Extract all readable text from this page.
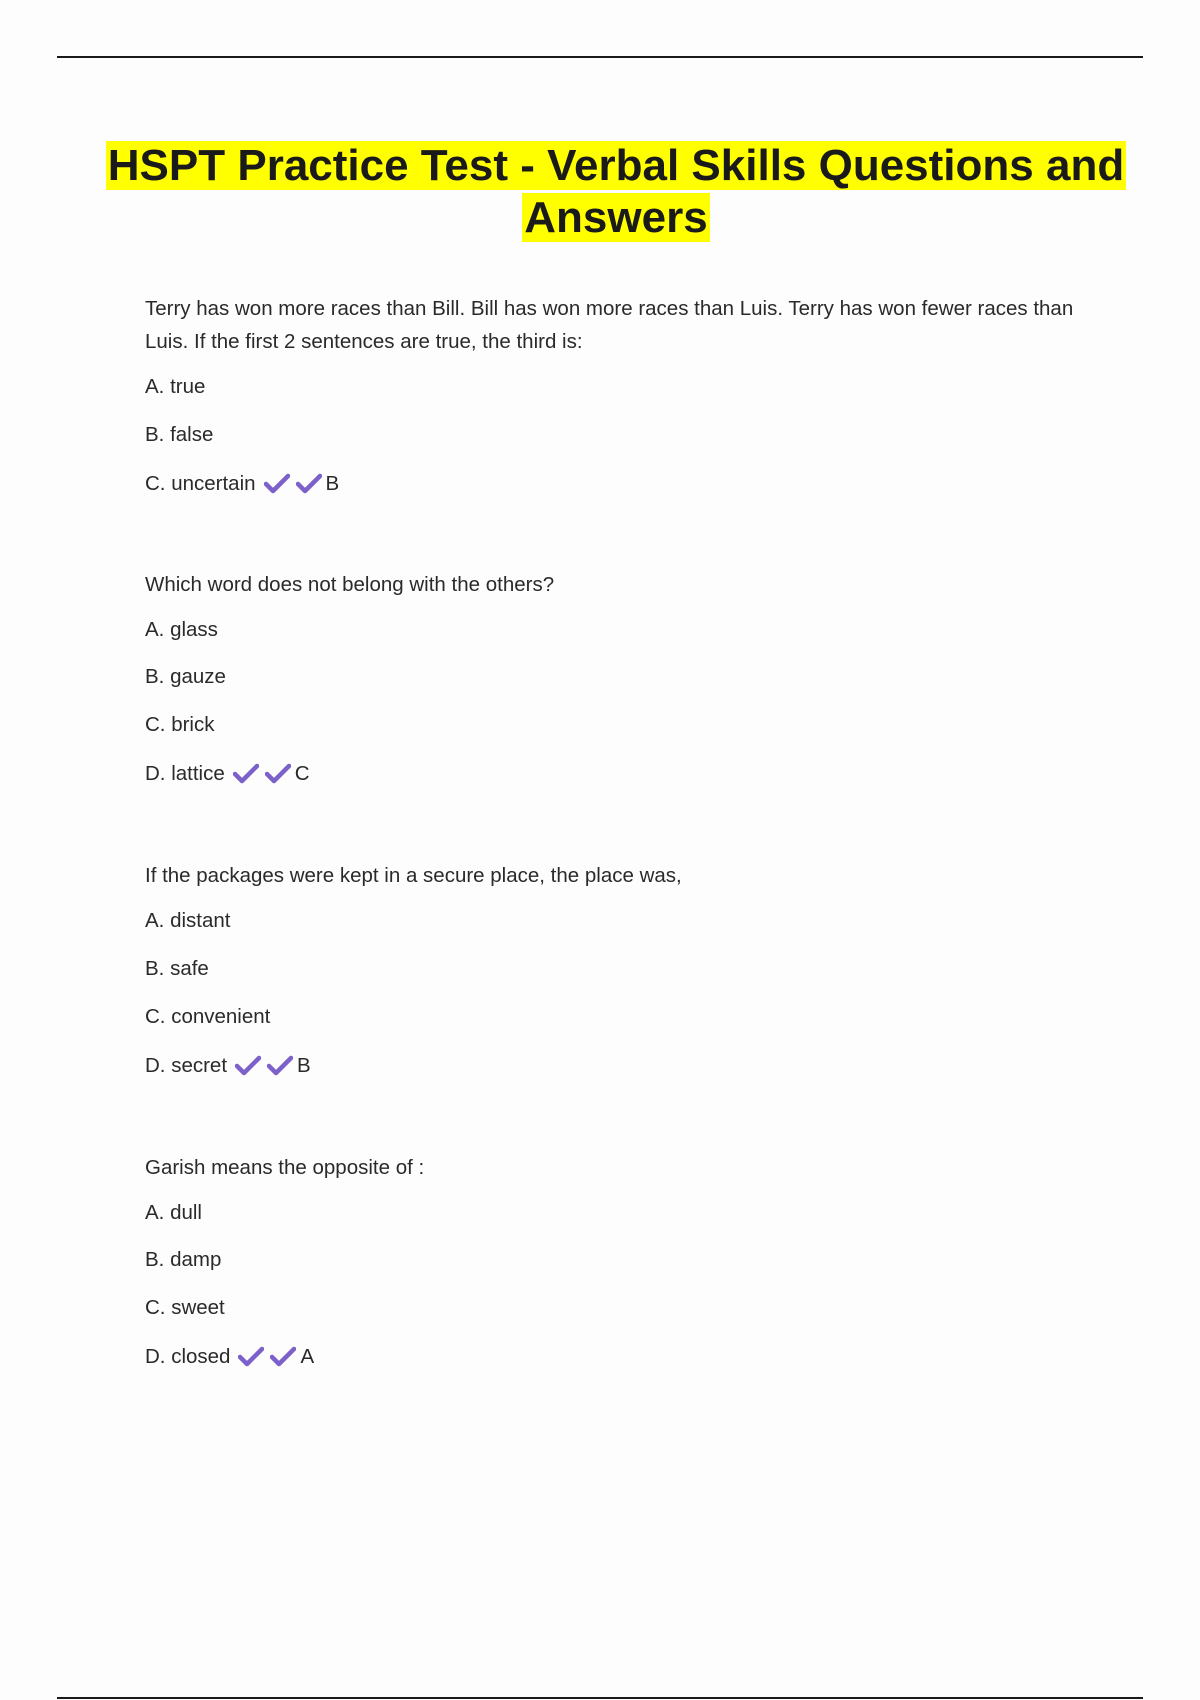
HSPT Practice Test - Verbal Skills Questions and Answers

Terry has won more races than Bill. Bill has won more races than Luis. Terry has won fewer races than Luis. If the first 2 sentences are true, the third is:

A. true

B. false

C. uncertain	B

Which word does not belong with the others?

A. glass

B. gauze

C. brick

D. lattice	C

If the packages were kept in a secure place, the place was,

A. distant

B. safe

C. convenient

D. secret	B

Garish means the opposite of :

A. dull

B. damp

C. sweet

D. closed	A
